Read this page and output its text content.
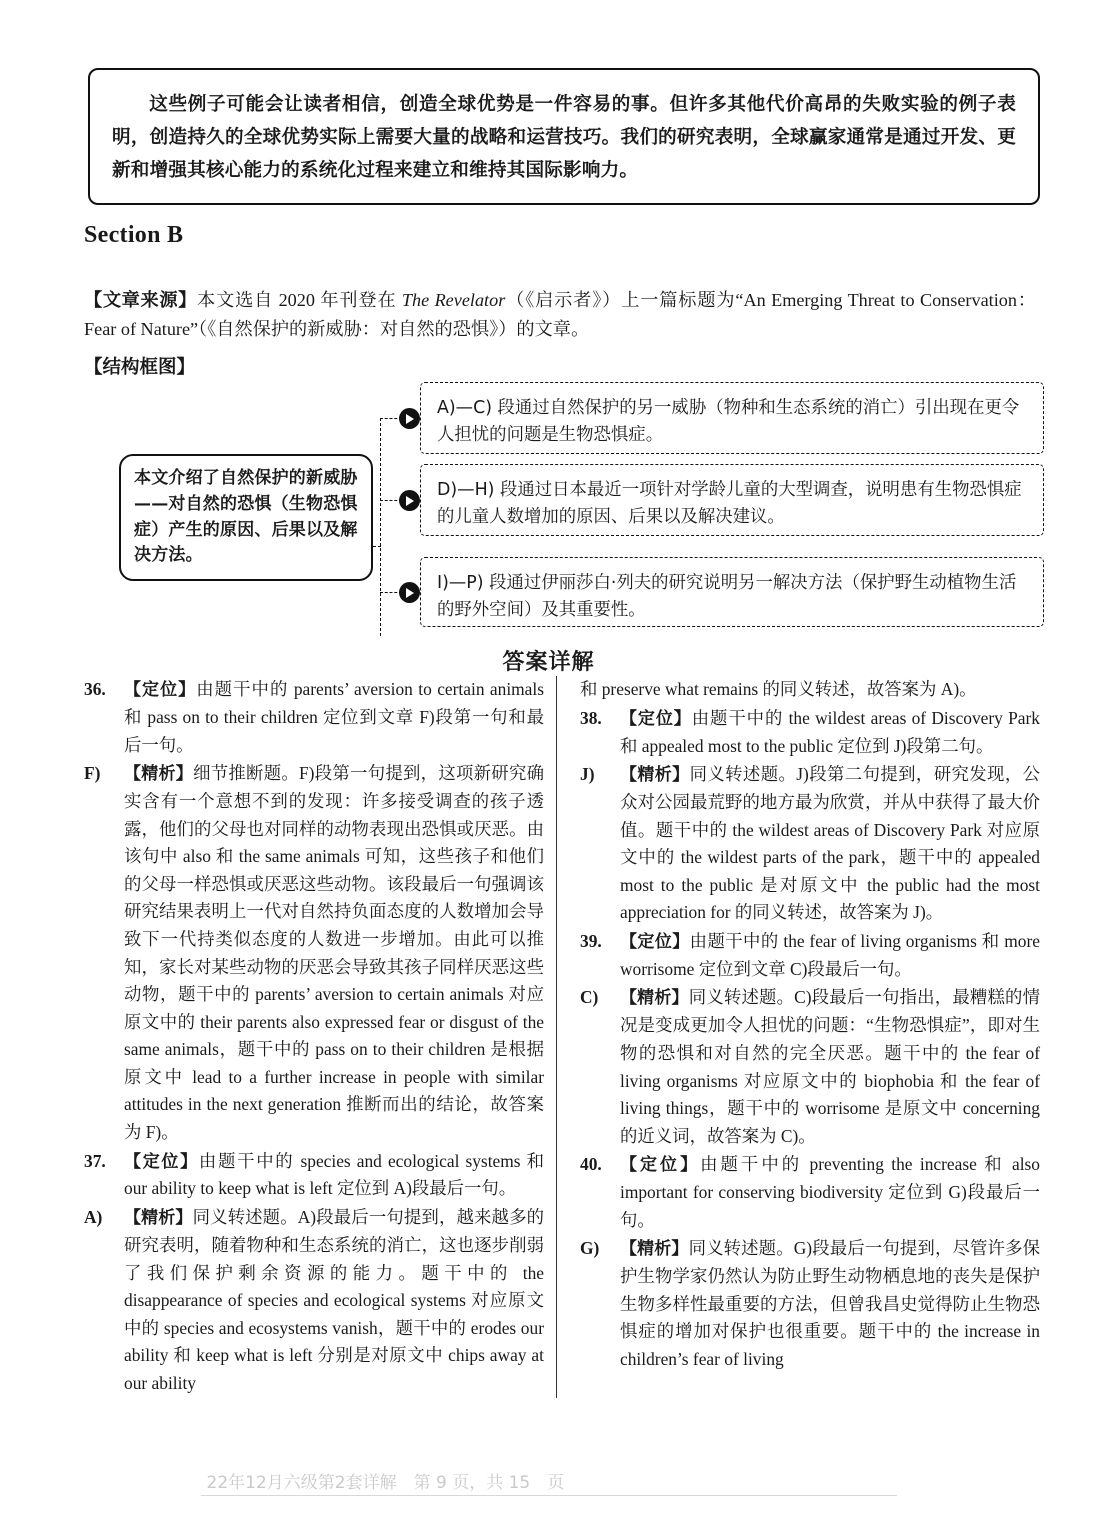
这些例子可能会让读者相信，创造全球优势是一件容易的事。但许多其他代价高昂的失败实验的例子表明，创造持久的全球优势实际上需要大量的战略和运营技巧。我们的研究表明，全球赢家通常是通过开发、更新和增强其核心能力的系统化过程来建立和维持其国际影响力。
Section B
【文章来源】本文选自 2020 年刊登在 The Revelator（《启示者》）上一篇标题为“An Emerging Threat to Conservation：Fear of Nature”（《自然保护的新威胁：对自然的恐惧》）的文章。
【结构框图】
本文介绍了自然保护的新威胁——对自然的恐惧（生物恐惧症）产生的原因、后果以及解决方法。
A)—C) 段通过自然保护的另一威胁（物种和生态系统的消亡）引出现在更令人担忧的问题是生物恐惧症。
D)—H) 段通过日本最近一项针对学龄儿童的大型调查，说明患有生物恐惧症的儿童人数增加的原因、后果以及解决建议。
I)—P) 段通过伊丽莎白·列夫的研究说明另一解决方法（保护野生动植物生活的野外空间）及其重要性。
答案详解
36.	【定位】由题干中的 parents’ aversion to certain animals 和 pass on to their children 定位到文章 F)段第一句和最后一句。
F)	【精析】细节推断题。F)段第一句提到，这项新研究确实含有一个意想不到的发现：许多接受调查的孩子透露，他们的父母也对同样的动物表现出恐惧或厌恶。由该句中 also 和 the same animals 可知，这些孩子和他们的父母一样恐惧或厌恶这些动物。该段最后一句强调该研究结果表明上一代对自然持负面态度的人数增加会导致下一代持类似态度的人数进一步增加。由此可以推知，家长对某些动物的厌恶会导致其孩子同样厌恶这些动物，题干中的 parents’ aversion to certain animals 对应原文中的 their parents also expressed fear or disgust of the same animals，题干中的 pass on to their children 是根据原文中 lead to a further increase in people with similar attitudes in the next generation 推断而出的结论，故答案为 F)。
37.	【定位】由题干中的 species and ecological systems 和 our ability to keep what is left 定位到 A)段最后一句。
A)	【精析】同义转述题。A)段最后一句提到，越来越多的研究表明，随着物种和生态系统的消亡，这也逐步削弱了我们保护剩余资源的能力。题干中的 the disappearance of species and ecological systems 对应原文中的 species and ecosystems vanish，题干中的 erodes our ability 和 keep what is left 分别是对原文中 chips away at our ability
和 preserve what remains 的同义转述，故答案为 A)。
38.	【定位】由题干中的 the wildest areas of Discovery Park 和 appealed most to the public 定位到 J)段第二句。
J)	【精析】同义转述题。J)段第二句提到，研究发现，公众对公园最荒野的地方最为欣赏，并从中获得了最大价值。题干中的 the wildest areas of Discovery Park 对应原文中的 the wildest parts of the park，题干中的 appealed most to the public 是对原文中 the public had the most appreciation for 的同义转述，故答案为 J)。
39.	【定位】由题干中的 the fear of living organisms 和 more worrisome 定位到文章 C)段最后一句。
C)	【精析】同义转述题。C)段最后一句指出，最糟糕的情况是变成更加令人担忧的问题：“生物恐惧症”，即对生物的恐惧和对自然的完全厌恶。题干中的 the fear of living organisms 对应原文中的 biophobia 和 the fear of living things，题干中的 worrisome 是原文中 concerning 的近义词，故答案为 C)。
40.	【定位】由题干中的 preventing the increase 和 also important for conserving biodiversity 定位到 G)段最后一句。
G)	【精析】同义转述题。G)段最后一句提到，尽管许多保护生物学家仍然认为防止野生动物栖息地的丧失是保护生物多样性最重要的方法，但曾我昌史觉得防止生物恐惧症的增加对保护也很重要。题干中的 the increase in children’s fear of living
22年12月六级第2套详解　第 9 页，共 15　页
